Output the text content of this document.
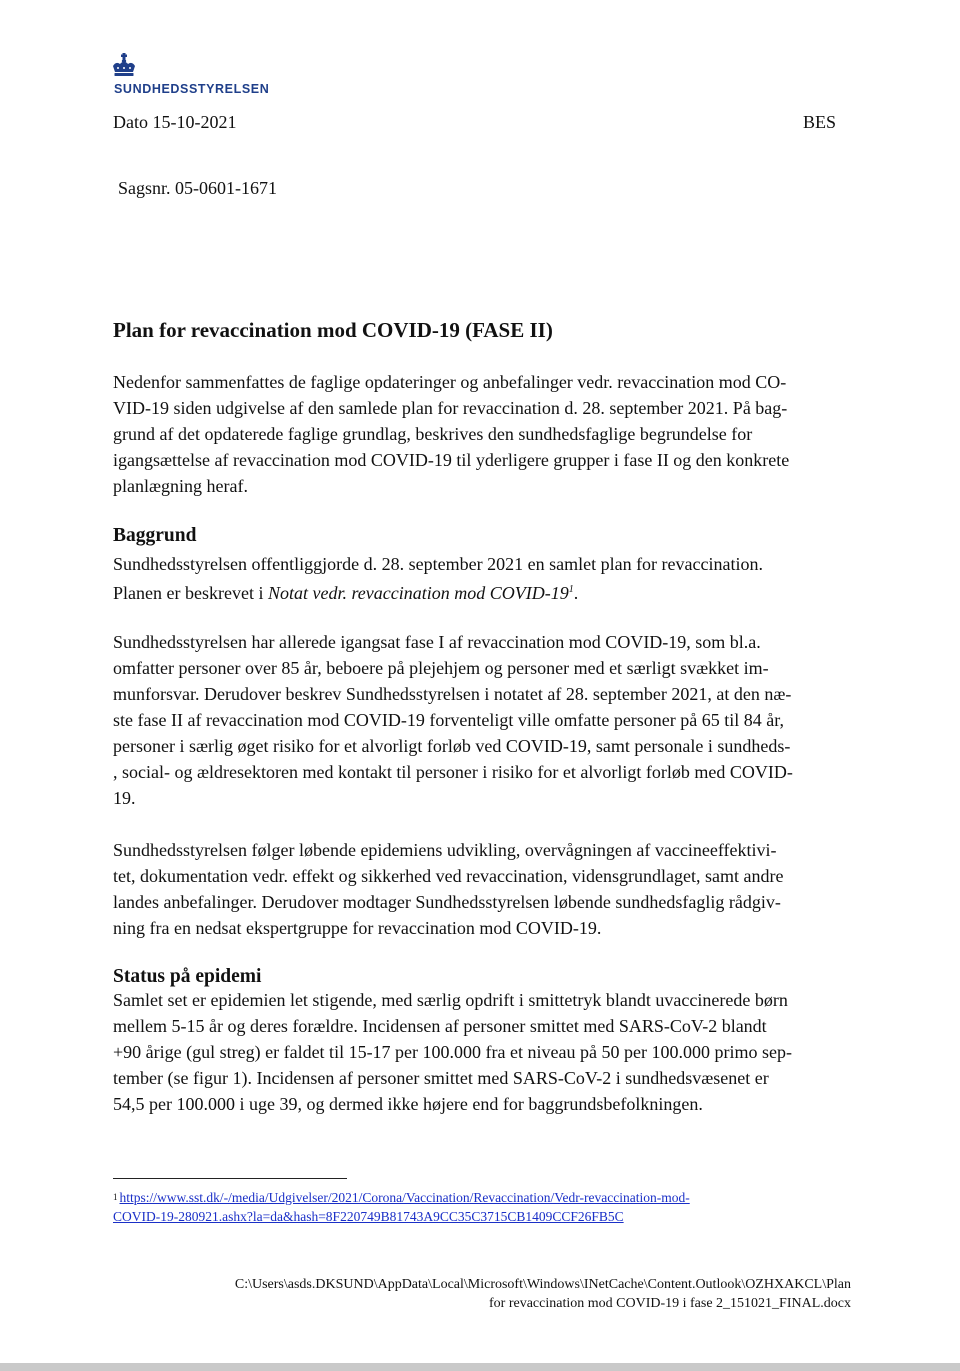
SUNDHEDSSTYRELSEN
Dato 15-10-2021	BES
Sagsnr. 05-0601-1671
Plan for revaccination mod COVID-19 (FASE II)
Nedenfor sammenfattes de faglige opdateringer og anbefalinger vedr. revaccination mod CO-
VID-19 siden udgivelse af den samlede plan for revaccination d. 28. september 2021. På bag-
grund af det opdaterede faglige grundlag, beskrives den sundhedsfaglige begrundelse for
igangsættelse af revaccination mod COVID-19 til yderligere grupper i fase II og den konkrete
planlægning heraf.
Baggrund
Sundhedsstyrelsen offentliggjorde d. 28. september 2021 en samlet plan for revaccination.
Planen er beskrevet i Notat vedr. revaccination mod COVID-$19^1$.
Sundhedsstyrelsen har allerede igangsat fase I af revaccination mod COVID-19, som bl.a.
omfatter personer over 85 år, beboere på plejehjem og personer med et særligt svækket im-
munforsvar. Derudover beskrev Sundhedsstyrelsen i notatet af 28. september 2021, at den næ-
ste fase II af revaccination mod COVID-19 forventeligt ville omfatte personer på 65 til 84 år,
personer i særlig øget risiko for et alvorligt forløb ved COVID-19, samt personale i sundheds-
, social- og ældresektoren med kontakt til personer i risiko for et alvorligt forløb med COVID-
19.
Sundhedsstyrelsen følger løbende epidemiens udvikling, overvågningen af vaccineeffektivi-
tet, dokumentation vedr. effekt og sikkerhed ved revaccination, vidensgrundlaget, samt andre
landes anbefalinger. Derudover modtager Sundhedsstyrelsen løbende sundhedsfaglig rådgiv-
ning fra en nedsat ekspertgruppe for revaccination mod COVID-19.
Status på epidemi
Samlet set er epidemien let stigende, med særlig opdrift i smittetryk blandt uvaccinerede børn
mellem 5-15 år og deres forældre. Incidensen af personer smittet med SARS-CoV-2 blandt
+90 årige (gul streg) er faldet til 15-17 per 100.000 fra et niveau på 50 per 100.000 primo sep-
tember (se figur 1). Incidensen af personer smittet med SARS-CoV-2 i sundhedsvæsenet er
54,5 per 100.000 i uge 39, og dermed ikke højere end for baggrundsbefolkningen.
$^1$ https://www.sst.dk/-/media/Udgivelser/2021/Corona/Vaccination/Revaccination/Vedr-revaccination-mod-
COVID-19-280921.ashx?la=da&hash=8F220749B81743A9CC35C3715CB1409CCF26FB5C
C:\Users\asds.DKSUND\AppData\Local\Microsoft\Windows\INetCache\Content.Outlook\OZHXAKCL\Plan
for revaccination mod COVID-19 i fase 2_151021_FINAL.docx
